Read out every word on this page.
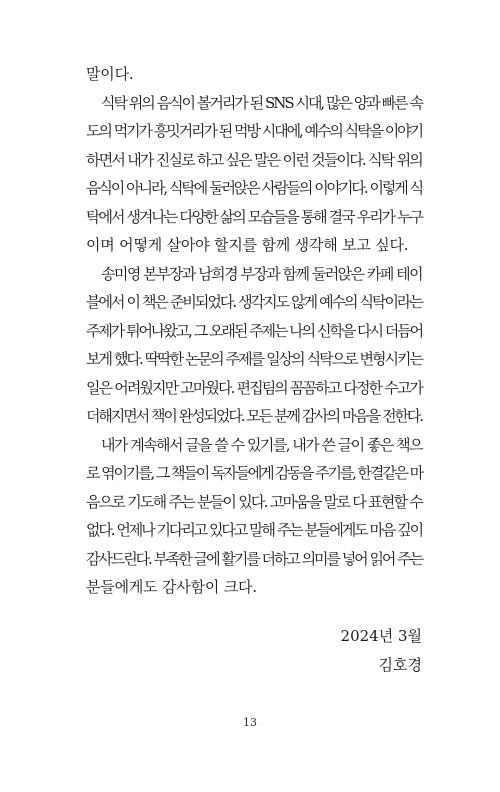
말이다.
식탁 위의 음식이 볼거리가 된 SNS 시대, 많은 양과 빠른 속
도의 먹기가 흥밋거리가 된 먹방 시대에, 예수의 식탁을 이야기
하면서 내가 진실로 하고 싶은 말은 이런 것들이다. 식탁 위의
음식이 아니라, 식탁에 둘러앉은 사람들의 이야기다. 이렇게 식
탁에서 생겨나는 다양한 삶의 모습들을 통해 결국 우리가 누구
이며 어떻게 살아야 할지를 함께 생각해 보고 싶다.
송미영 본부장과 남희경 부장과 함께 둘러앉은 카페 테이
블에서 이 책은 준비되었다. 생각지도 않게 예수의 식탁이라는
주제가 튀어나왔고, 그 오래된 주제는 나의 신학을 다시 더듬어
보게 했다. 딱딱한 논문의 주제를 일상의 식탁으로 변형시키는
일은 어려웠지만 고마웠다. 편집팀의 꼼꼼하고 다정한 수고가
더해지면서 책이 완성되었다. 모든 분께 감사의 마음을 전한다.
내가 계속해서 글을 쓸 수 있기를, 내가 쓴 글이 좋은 책으
로 엮이기를, 그 책들이 독자들에게 감동을 주기를, 한결같은 마
음으로 기도해 주는 분들이 있다. 고마움을 말로 다 표현할 수
없다. 언제나 기다리고 있다고 말해 주는 분들에게도 마음 깊이
감사드린다. 부족한 글에 활기를 더하고 의미를 넣어 읽어 주는
분들에게도 감사함이 크다.
2024년 3월
김호경
13
